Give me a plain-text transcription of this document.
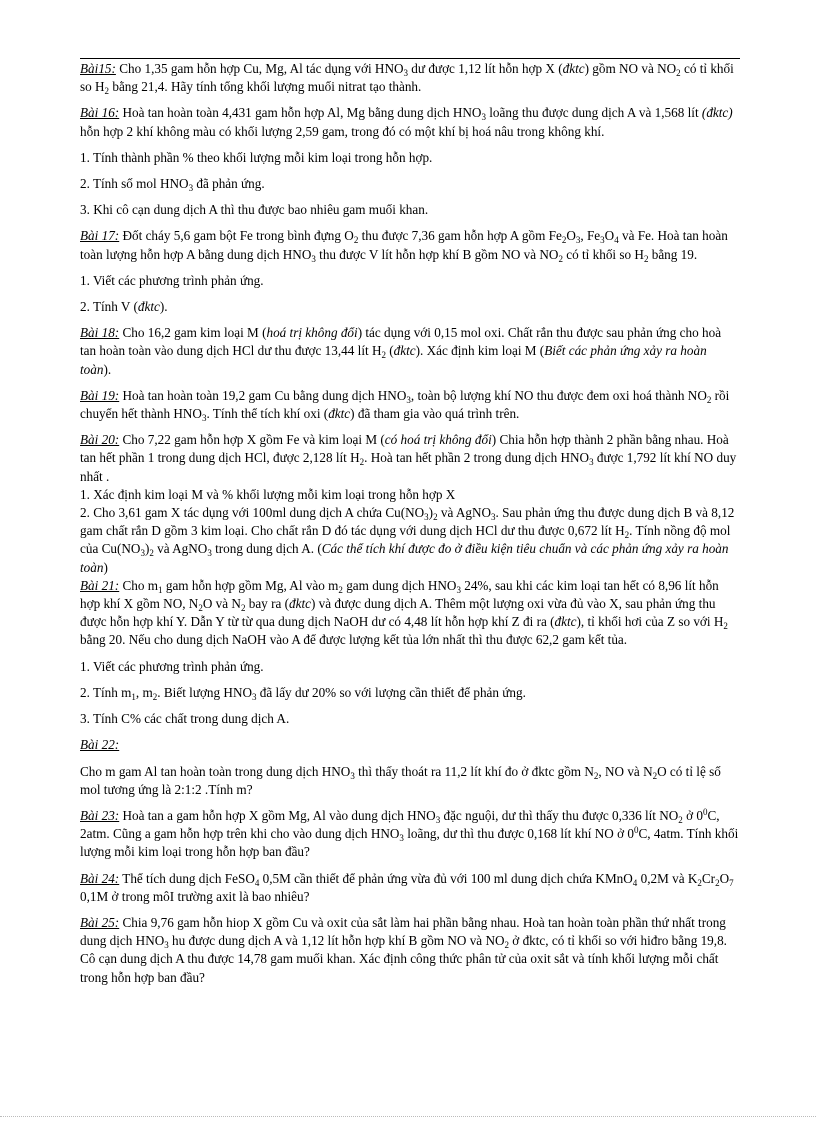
Bài15: Cho 1,35 gam hỗn hợp Cu, Mg, Al tác dụng với $HNO_3$ dư được 1,12 lít hỗn hợp X (đktc) gồm NO và $NO_2$ có tỉ khối so $H_2$ bằng 21,4. Hãy tính tổng khối lượng muối nitrat tạo thành.

Bài 16: Hoà tan hoàn toàn 4,431 gam hỗn hợp Al, Mg bằng dung dịch $HNO_3$ loãng thu được dung dịch A và 1,568 lít (đktc) hỗn hợp 2 khí không màu có khối lượng 2,59 gam, trong đó có một khí bị hoá nâu trong không khí.

1. Tính thành phần % theo khối lượng mỗi kim loại trong hỗn hợp.

2. Tính số mol $HNO_3$ đã phản ứng.

3. Khi cô cạn dung dịch A thì thu được bao nhiêu gam muối khan.

Bài 17: Đốt cháy 5,6 gam bột Fe trong bình đựng $O_2$ thu được 7,36 gam hỗn hợp A gồm $Fe_2O_3$, $Fe_3O_4$ và Fe. Hoà tan hoàn toàn lượng hỗn hợp A bằng dung dịch $HNO_3$ thu được V lít hỗn hợp khí B gồm NO và $NO_2$ có tỉ khối so $H_2$ bằng 19.

1. Viết các phương trình phản ứng.

2. Tính V (đktc).

Bài 18: Cho 16,2 gam kim loại M (hoá trị không đổi) tác dụng với 0,15 mol oxi. Chất rắn thu được sau phản ứng cho hoà tan hoàn toàn vào dung dịch HCl dư thu được 13,44 lít $H_2$ (đktc). Xác định kim loại M (Biết các phản ứng xảy ra hoàn toàn).

Bài 19: Hoà tan hoàn toàn 19,2 gam Cu bằng dung dịch $HNO_3$, toàn bộ lượng khí NO thu được đem oxi hoá thành $NO_2$ rồi chuyển hết thành $HNO_3$. Tính thể tích khí oxi (đktc) đã tham gia vào quá trình trên.

Bài 20: Cho 7,22 gam hỗn hợp X gồm Fe và kim loại M (có hoá trị không đổi) Chia hỗn hợp thành 2 phần bằng nhau. Hoà tan hết phần 1 trong dung dịch HCl, được 2,128 lít $H_2$. Hoà tan hết phần 2 trong dung dịch $HNO_3$ được 1,792 lít khí NO duy nhất .

1. Xác định kim loại M và % khối lượng mỗi kim loại trong hỗn hợp X

2. Cho 3,61 gam X tác dụng với 100ml dung dịch A chứa $Cu(NO_3)_2$ và AgNO$_3$. Sau phản ứng thu được dung dịch B và 8,12 gam chất rắn D gồm 3 kim loại. Cho chất rắn D đó tác dụng với dung dịch HCl dư thu được 0,672 lít $H_2$. Tính nồng độ mol của $Cu(NO_3)_2$ và AgNO$_3$ trong dung dịch A. (Các thể tích khí được đo ở điều kiện tiêu chuẩn và các phản ứng xảy ra hoàn toàn)

Bài 21: Cho $m_1$ gam hỗn hợp gồm Mg, Al vào $m_2$ gam dung dịch $HNO_3$ 24%, sau khi các kim loại tan hết có 8,96 lít hỗn hợp khí X gồm NO, $N_2O$ và $N_2$ bay ra (đktc) và được dung dịch A. Thêm một lượng oxi vừa đủ vào X, sau phản ứng thu được hỗn hợp khí Y. Dẫn Y từ từ qua dung dịch NaOH dư có 4,48 lít hỗn hợp khí Z đi ra (đktc), tỉ khối hơi của Z so với $H_2$ bằng 20. Nếu cho dung dịch NaOH vào A để được lượng kết tủa lớn nhất thì thu được 62,2 gam kết tủa.

1. Viết các phương trình phản ứng.

2. Tính $m_1$, $m_2$. Biết lượng $HNO_3$ đã lấy dư 20% so với lượng cần thiết để phản ứng.

3. Tính C% các chất trong dung dịch A.

Bài 22:

Cho m gam Al tan hoàn toàn trong dung dịch $HNO_3$ thì thấy thoát ra 11,2 lít khí đo ở đktc gồm $N_2$, NO và $N_2O$ có tỉ lệ số mol tương ứng là 2:1:2 .Tính m?

Bài 23: Hoà tan a gam hỗn hợp X gồm Mg, Al vào dung dịch $HNO_3$ đặc nguội, dư thì thấy thu được 0,336 lít $NO_2$ ở $0^0C$, 2atm. Cũng a gam hỗn hợp trên khi cho vào dung dịch $HNO_3$ loãng, dư thì thu được 0,168 lít khí NO ở $0^0C$, 4atm. Tính khối lượng mỗi kim loại trong hỗn hợp ban đầu?

Bài 24: Thể tích dung dịch FeSO$_4$ 0,5M cần thiết để phản ứng vừa đủ với 100 ml dung dịch chứa KMnO$_4$ 0,2M và $K_2Cr_2O_7$ 0,1M ở trong môI trường axit là bao nhiêu?

Bài 25: Chia 9,76 gam hỗn hiop X gồm Cu và oxit của sắt làm hai phần bằng nhau. Hoà tan hoàn toàn phần thứ nhất trong dung dịch $HNO_3$ hu được dung dịch A và 1,12 lít hỗn hợp khí B gồm NO và $NO_2$ ở đktc, có tỉ khối so với hiđro bằng 19,8. Cô cạn dung dịch A thu được 14,78 gam muối khan. Xác định công thức phân tử của oxit sắt và tính khối lượng mỗi chất trong hỗn hợp ban đầu?
